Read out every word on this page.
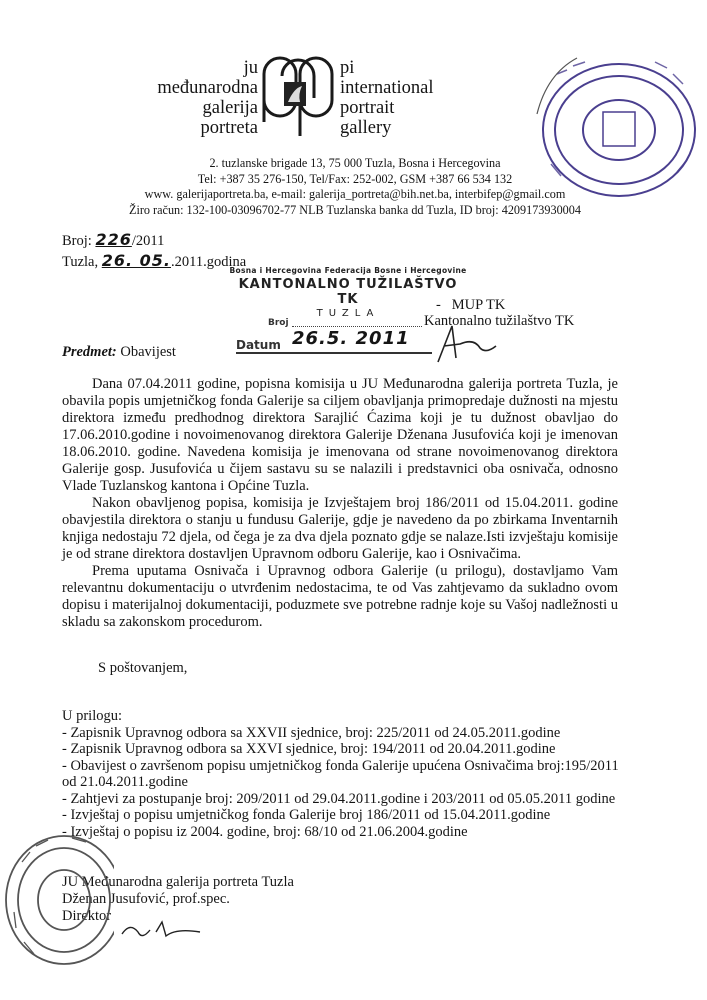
ju
međunarodna
galerija
portreta
pi
international
portrait
gallery
2. tuzlanske brigade 13, 75 000 Tuzla, Bosna i Hercegovina
Tel: +387 35 276-150, Tel/Fax: 252-002, GSM +387 66 534 132
www. galerijaportreta.ba, e-mail: galerija_portreta@bih.net.ba, interbifep@gmail.com
Žiro račun: 132-100-03096702-77 NLB Tuzlanska banka dd Tuzla, ID broj: 4209173930004
Broj: 226/2011
Tuzla, 26. 05..2011.godina
Bosna i Hercegovina Federacija Bosne i Hercegovine
KANTONALNO TUŽILAŠTVO TK
TUZLA
Broj
Datum 26.5. 2011
- MUP TK
Kantonalno tužilaštvo TK
Predmet: Obavijest

Dana 07.04.2011 godine, popisna komisija u JU Međunarodna galerija portreta Tuzla, je obavila popis umjetničkog fonda Galerije sa ciljem obavljanja primopredaje dužnosti na mjestu direktora između predhodnog direktora Sarajlić Ćazima koji je tu dužnost obavljao do 17.06.2010.godine i novoimenovanog direktora Galerije Dženana Jusufovića koji je imenovan 18.06.2010. godine. Navedena komisija je imenovana od strane novoimenovanog direktora Galerije gosp. Jusufovića u čijem sastavu su se nalazili i predstavnici oba osnivača, odnosno Vlade Tuzlanskog kantona i Općine Tuzla.

Nakon obavljenog popisa, komisija je Izvještajem broj 186/2011 od 15.04.2011. godine obavjestila direktora o stanju u fundusu Galerije, gdje je navedeno da po zbirkama Inventarnih knjiga nedostaju 72 djela, od čega je za dva djela poznato gdje se nalaze.Isti izvještaju komisije je od strane direktora dostavljen Upravnom odboru Galerije, kao i Osnivačima.

Prema uputama Osnivača i Upravnog odbora Galerije (u prilogu), dostavljamo Vam relevantnu dokumentaciju o utvrđenim nedostacima, te od Vas zahtjevamo da sukladno ovom dopisu i materijalnoj dokumentaciji, poduzmete sve potrebne radnje koje su Vašoj nadležnosti u skladu sa zakonskom procedurom.

S poštovanjem,
U prilogu:
- Zapisnik Upravnog odbora sa XXVII sjednice, broj: 225/2011 od 24.05.2011.godine
- Zapisnik Upravnog odbora sa XXVI sjednice, broj: 194/2011 od 20.04.2011.godine
- Obavijest o završenom popisu umjetničkog fonda Galerije upućena Osnivačima broj:195/2011 od 21.04.2011.godine
- Zahtjevi za postupanje broj: 209/2011 od 29.04.2011.godine i 203/2011 od 05.05.2011 godine
- Izvještaj o popisu umjetničkog fonda Galerije broj 186/2011 od 15.04.2011.godine
- Izvještaj o popisu iz 2004. godine, broj: 68/10 od 21.06.2004.godine
JU Međunarodna galerija portreta Tuzla
Dženan Jusufović, prof.spec.
Direktor
